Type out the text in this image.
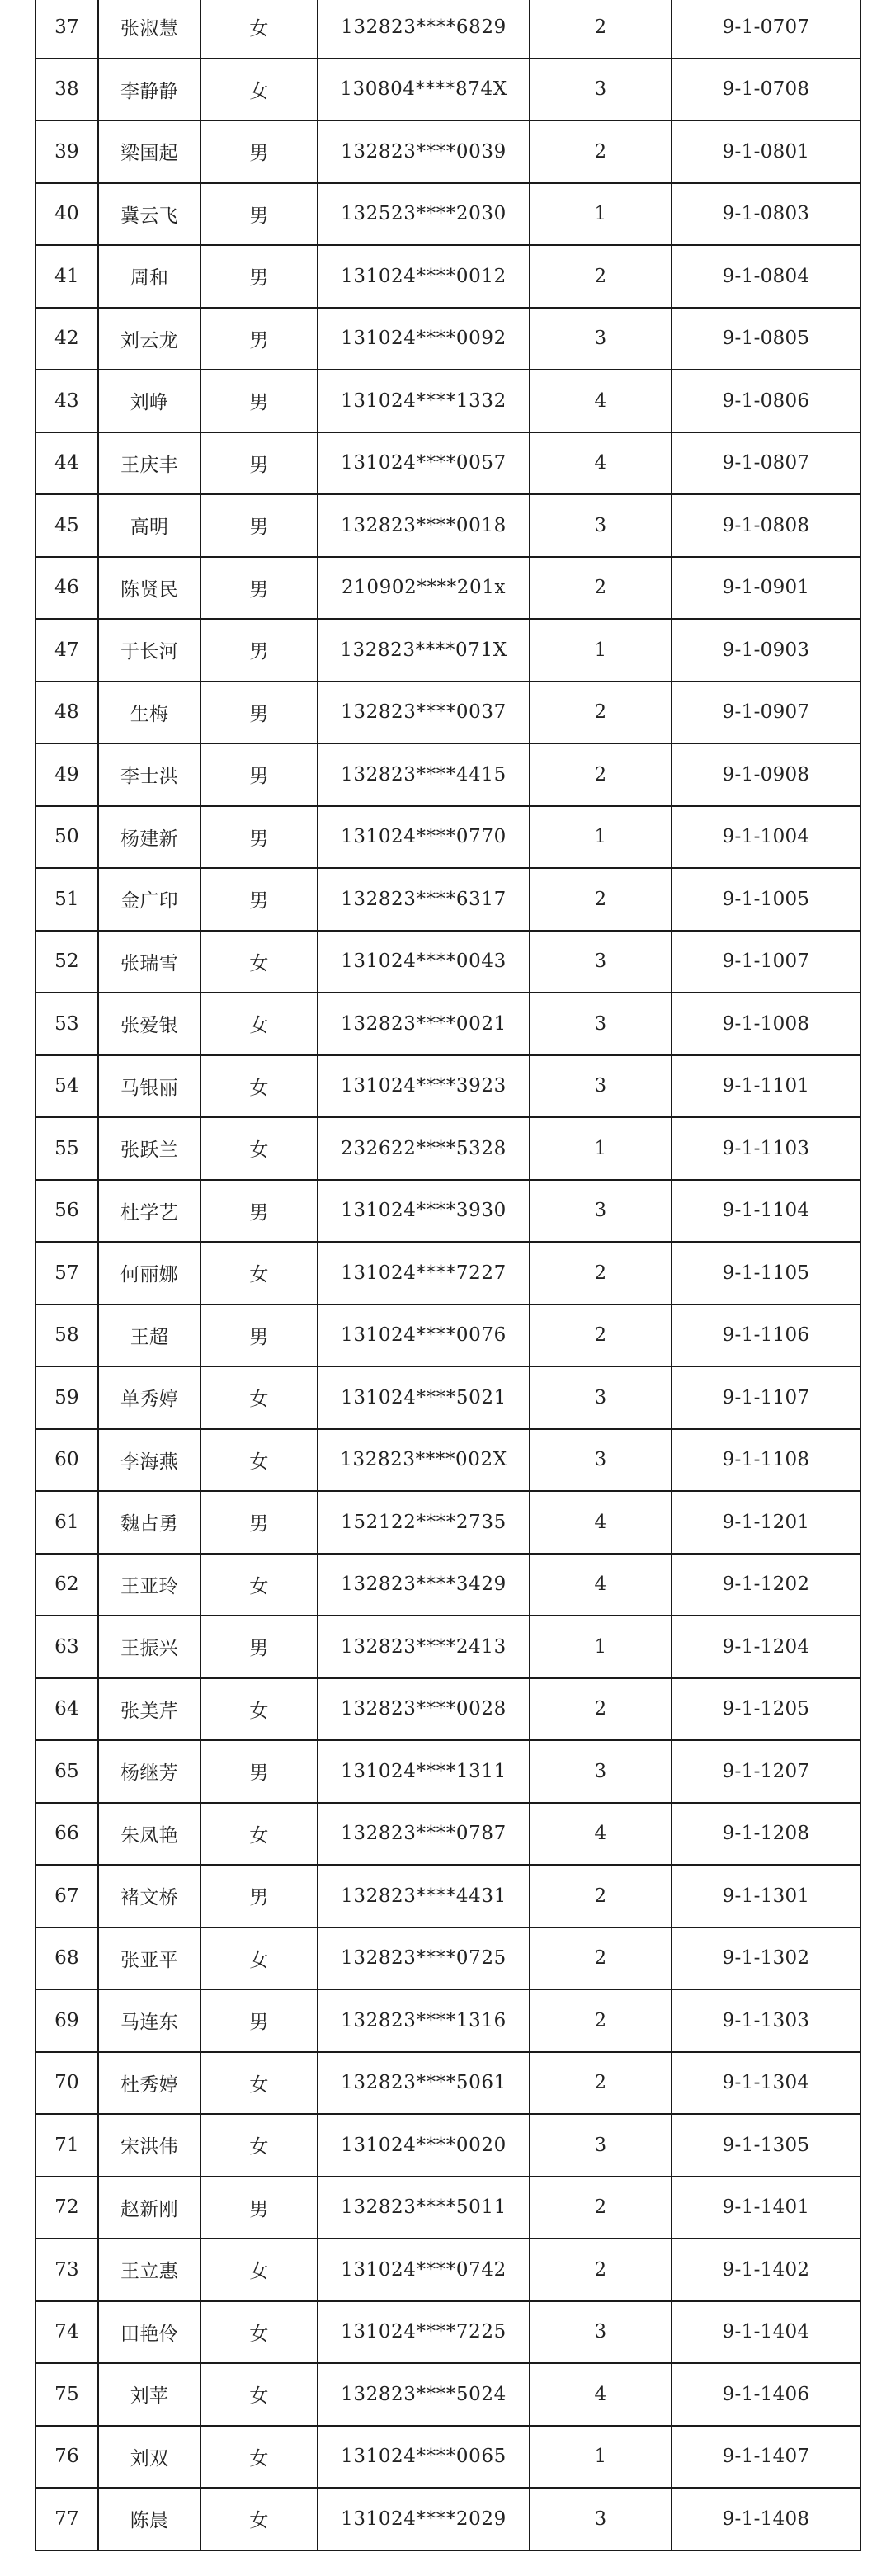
37	张淑慧	女	132823****6829	2	9-1-0707
38	李静静	女	130804****874X	3	9-1-0708
39	梁国起	男	132823****0039	2	9-1-0801
40	冀云飞	男	132523****2030	1	9-1-0803
41	周和	男	131024****0012	2	9-1-0804
42	刘云龙	男	131024****0092	3	9-1-0805
43	刘峥	男	131024****1332	4	9-1-0806
44	王庆丰	男	131024****0057	4	9-1-0807
45	高明	男	132823****0018	3	9-1-0808
46	陈贤民	男	210902****201x	2	9-1-0901
47	于长河	男	132823****071X	1	9-1-0903
48	生梅	男	132823****0037	2	9-1-0907
49	李士洪	男	132823****4415	2	9-1-0908
50	杨建新	男	131024****0770	1	9-1-1004
51	金广印	男	132823****6317	2	9-1-1005
52	张瑞雪	女	131024****0043	3	9-1-1007
53	张爱银	女	132823****0021	3	9-1-1008
54	马银丽	女	131024****3923	3	9-1-1101
55	张跃兰	女	232622****5328	1	9-1-1103
56	杜学艺	男	131024****3930	3	9-1-1104
57	何丽娜	女	131024****7227	2	9-1-1105
58	王超	男	131024****0076	2	9-1-1106
59	单秀婷	女	131024****5021	3	9-1-1107
60	李海燕	女	132823****002X	3	9-1-1108
61	魏占勇	男	152122****2735	4	9-1-1201
62	王亚玲	女	132823****3429	4	9-1-1202
63	王振兴	男	132823****2413	1	9-1-1204
64	张美芹	女	132823****0028	2	9-1-1205
65	杨继芳	男	131024****1311	3	9-1-1207
66	朱凤艳	女	132823****0787	4	9-1-1208
67	褚文桥	男	132823****4431	2	9-1-1301
68	张亚平	女	132823****0725	2	9-1-1302
69	马连东	男	132823****1316	2	9-1-1303
70	杜秀婷	女	132823****5061	2	9-1-1304
71	宋洪伟	女	131024****0020	3	9-1-1305
72	赵新刚	男	132823****5011	2	9-1-1401
73	王立惠	女	131024****0742	2	9-1-1402
74	田艳伶	女	131024****7225	3	9-1-1404
75	刘苹	女	132823****5024	4	9-1-1406
76	刘双	女	131024****0065	1	9-1-1407
77	陈晨	女	131024****2029	3	9-1-1408
